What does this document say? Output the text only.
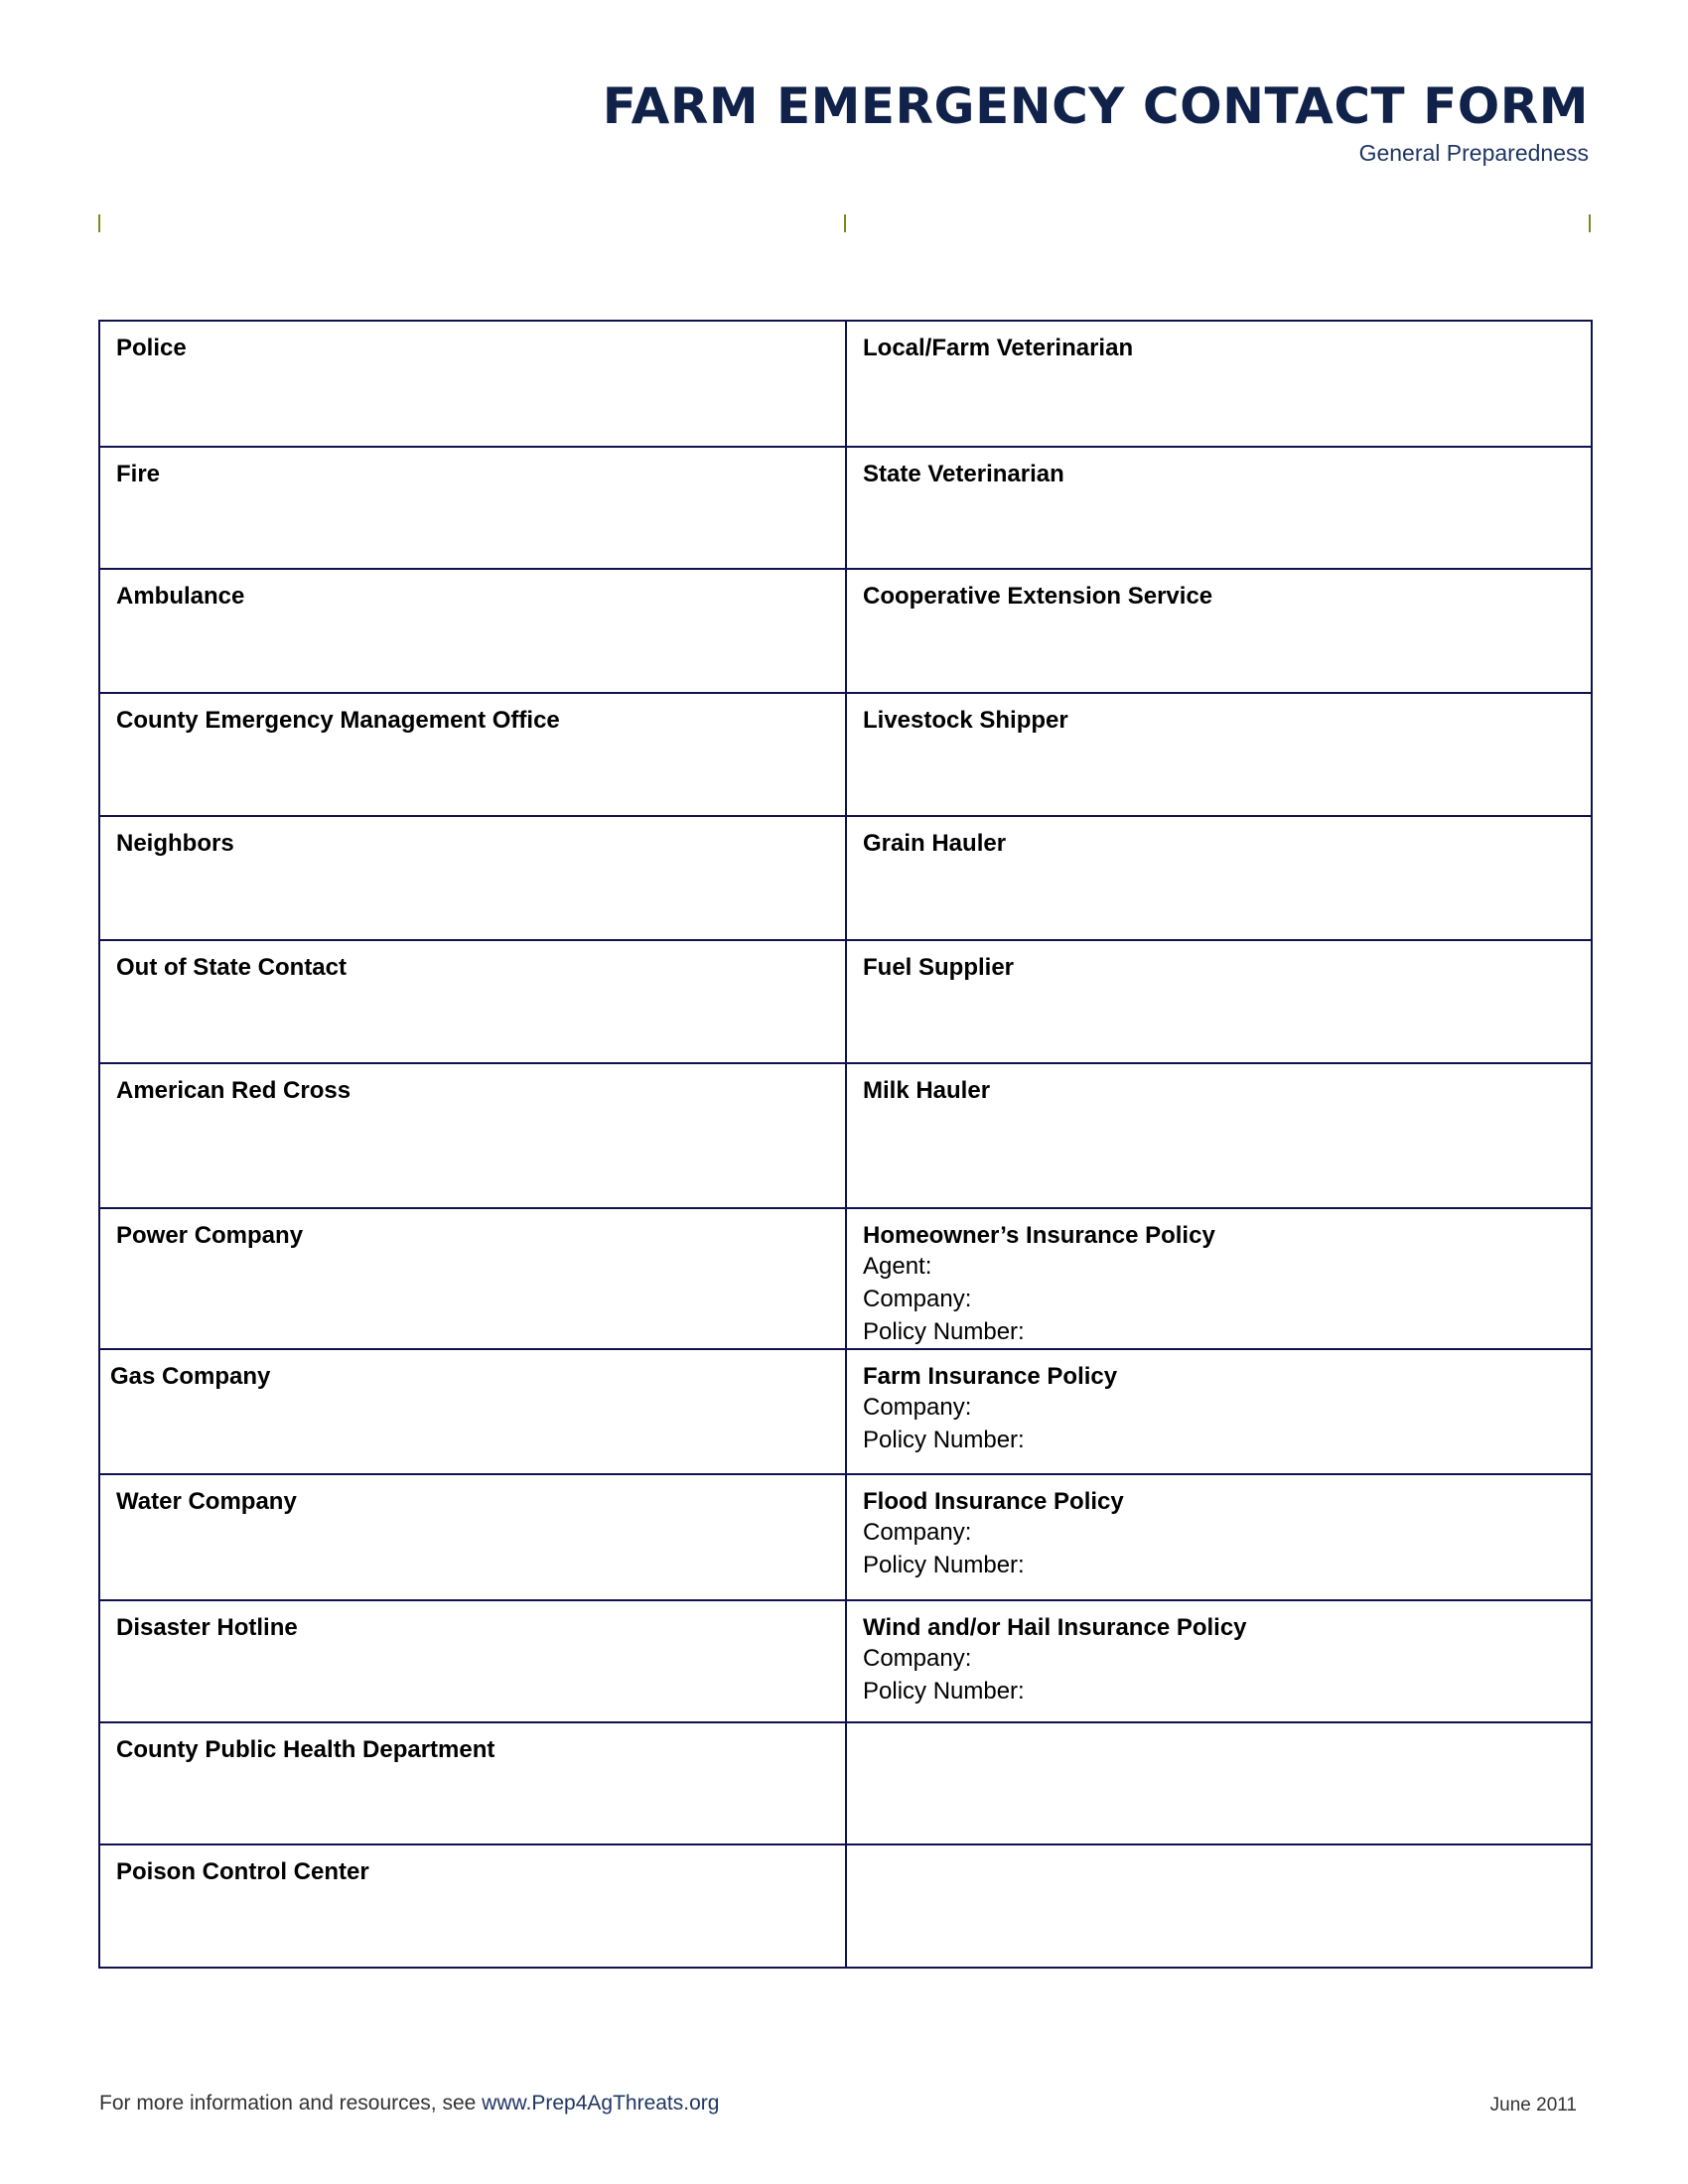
FARM EMERGENCY CONTACT FORM
General Preparedness
Police	Local/Farm Veterinarian

Fire	State Veterinarian

Ambulance	Cooperative Extension Service

County Emergency Management Office	Livestock Shipper

Neighbors	Grain Hauler

Out of State Contact	Fuel Supplier

American Red Cross	Milk Hauler

Power Company	Homeowner’s Insurance Policy
Agent:
Company:
Policy Number:

Gas Company	Farm Insurance Policy
Company:
Policy Number:

Water Company	Flood Insurance Policy
Company:
Policy Number:

Disaster Hotline	Wind and/or Hail Insurance Policy
Company:
Policy Number:

County Public Health Department	

Poison Control Center	

For more information and resources, see www.Prep4AgThreats.org	June 2011
